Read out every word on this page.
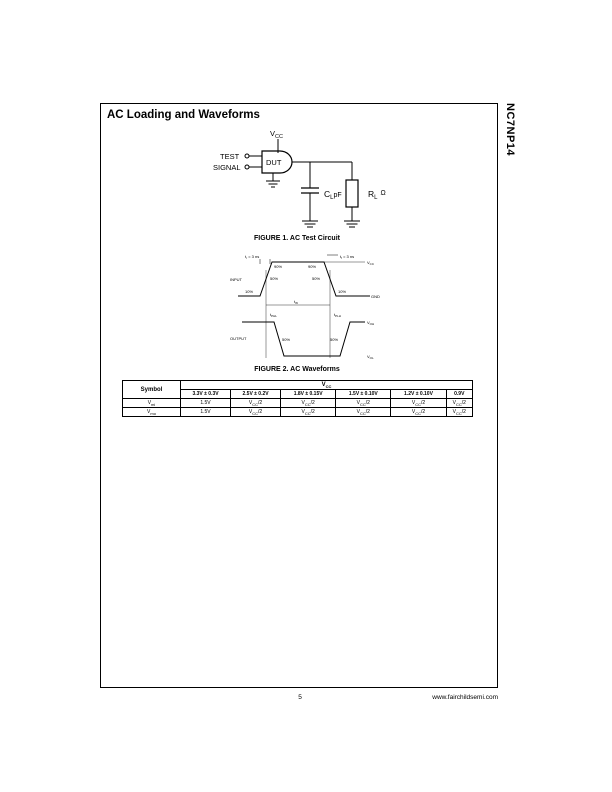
AC Loading and Waveforms	NC7NP14
$V_{CC}$
TEST
SIGNAL
DUT
$C_L^{pF}$	$R_L^\Omega$
FIGURE 1. AC Test Circuit
$t_r = 3$ ns	$t_f = 3$ ns
$V_{CC}$
GND
90%	90%
50%	50%
10%	10%
INPUT
$t_W$
$t_{PHL}$	$t_{PLH}$
OUTPUT	50%	50%
$V_{OH}$
$V_{OL}$
FIGURE 2. AC Waveforms
Symbol	$V_{CC}$
	3.3V ± 0.3V	2.5V ± 0.2V	1.8V ± 0.15V	1.5V ± 0.10V	1.2V ± 0.10V	0.9V
$V_{mi}$	1.5V	$V_{CC}/2$	$V_{CC}/2$	$V_{CC}/2$	$V_{CC}/2$	$V_{CC}/2$
$V_{mo}$	1.5V	$V_{CC}/2$	$V_{CC}/2$	$V_{CC}/2$	$V_{CC}/2$	$V_{CC}/2$
5	www.fairchildsemi.com
